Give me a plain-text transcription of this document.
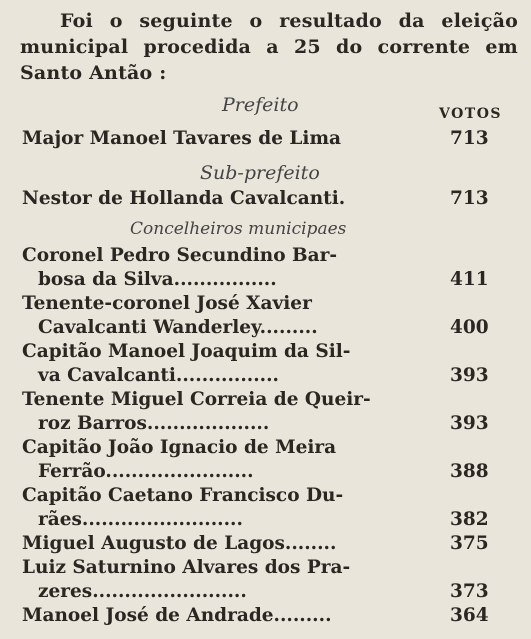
Foi o seguinte o resultado da eleição municipal procedida a 25 do corrente em Santo Antão :
VOTOS
Prefeito
Major Manoel Tavares de Lima	713
Sub-prefeito
Nestor de Hollanda Cavalcanti.	713
Concelheiros municipaes
Coronel Pedro Secundino Bar-
bosa da Silva................	411
Tenente-coronel José Xavier
Cavalcanti Wanderley.........	400
Capitão Manoel Joaquim da Sil-
va Cavalcanti................	393
Tenente Miguel Correia de Queir-
roz Barros...................	393
Capitão João Ignacio de Meira
Ferrão.......................	388
Capitão Caetano Francisco Du-
rães.........................	382
Miguel Augusto de Lagos........	375
Luiz Saturnino Alvares dos Pra-
zeres........................	373
Manoel José de Andrade.........	364
